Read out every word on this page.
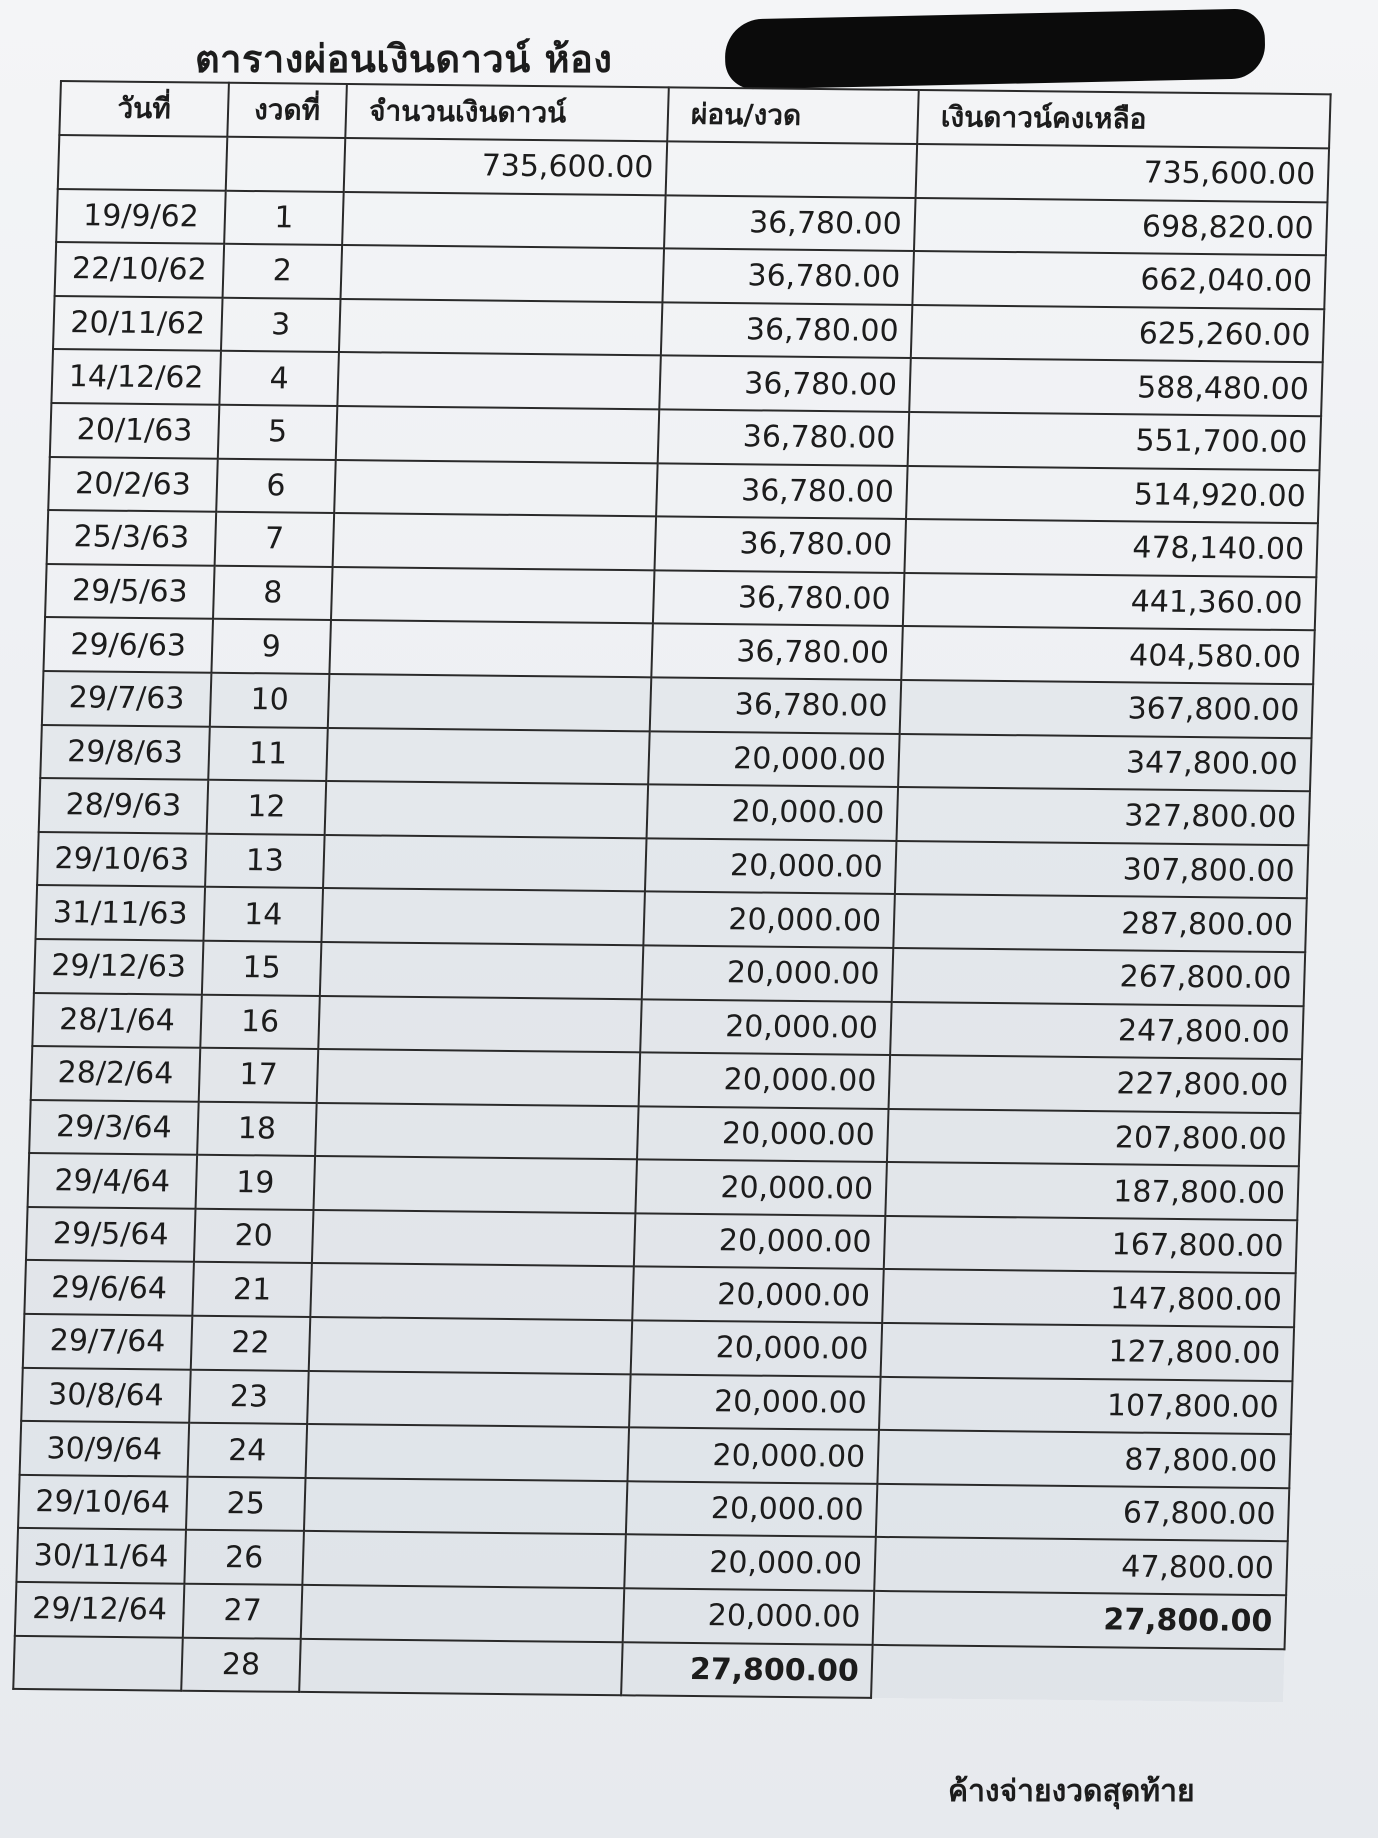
ตารางผ่อนเงินดาวน์ ห้อง
วันที่	งวดที่	จำนวนเงินดาวน์	ผ่อน/งวด	เงินดาวน์คงเหลือ
		735,600.00		735,600.00
19/9/62	1		36,780.00	698,820.00
22/10/62	2		36,780.00	662,040.00
20/11/62	3		36,780.00	625,260.00
14/12/62	4		36,780.00	588,480.00
20/1/63	5		36,780.00	551,700.00
20/2/63	6		36,780.00	514,920.00
25/3/63	7		36,780.00	478,140.00
29/5/63	8		36,780.00	441,360.00
29/6/63	9		36,780.00	404,580.00
29/7/63	10		36,780.00	367,800.00
29/8/63	11		20,000.00	347,800.00
28/9/63	12		20,000.00	327,800.00
29/10/63	13		20,000.00	307,800.00
31/11/63	14		20,000.00	287,800.00
29/12/63	15		20,000.00	267,800.00
28/1/64	16		20,000.00	247,800.00
28/2/64	17		20,000.00	227,800.00
29/3/64	18		20,000.00	207,800.00
29/4/64	19		20,000.00	187,800.00
29/5/64	20		20,000.00	167,800.00
29/6/64	21		20,000.00	147,800.00
29/7/64	22		20,000.00	127,800.00
30/8/64	23		20,000.00	107,800.00
30/9/64	24		20,000.00	87,800.00
29/10/64	25		20,000.00	67,800.00
30/11/64	26		20,000.00	47,800.00
29/12/64	27		20,000.00	27,800.00
	28		27,800.00	
ค้างจ่ายงวดสุดท้าย
